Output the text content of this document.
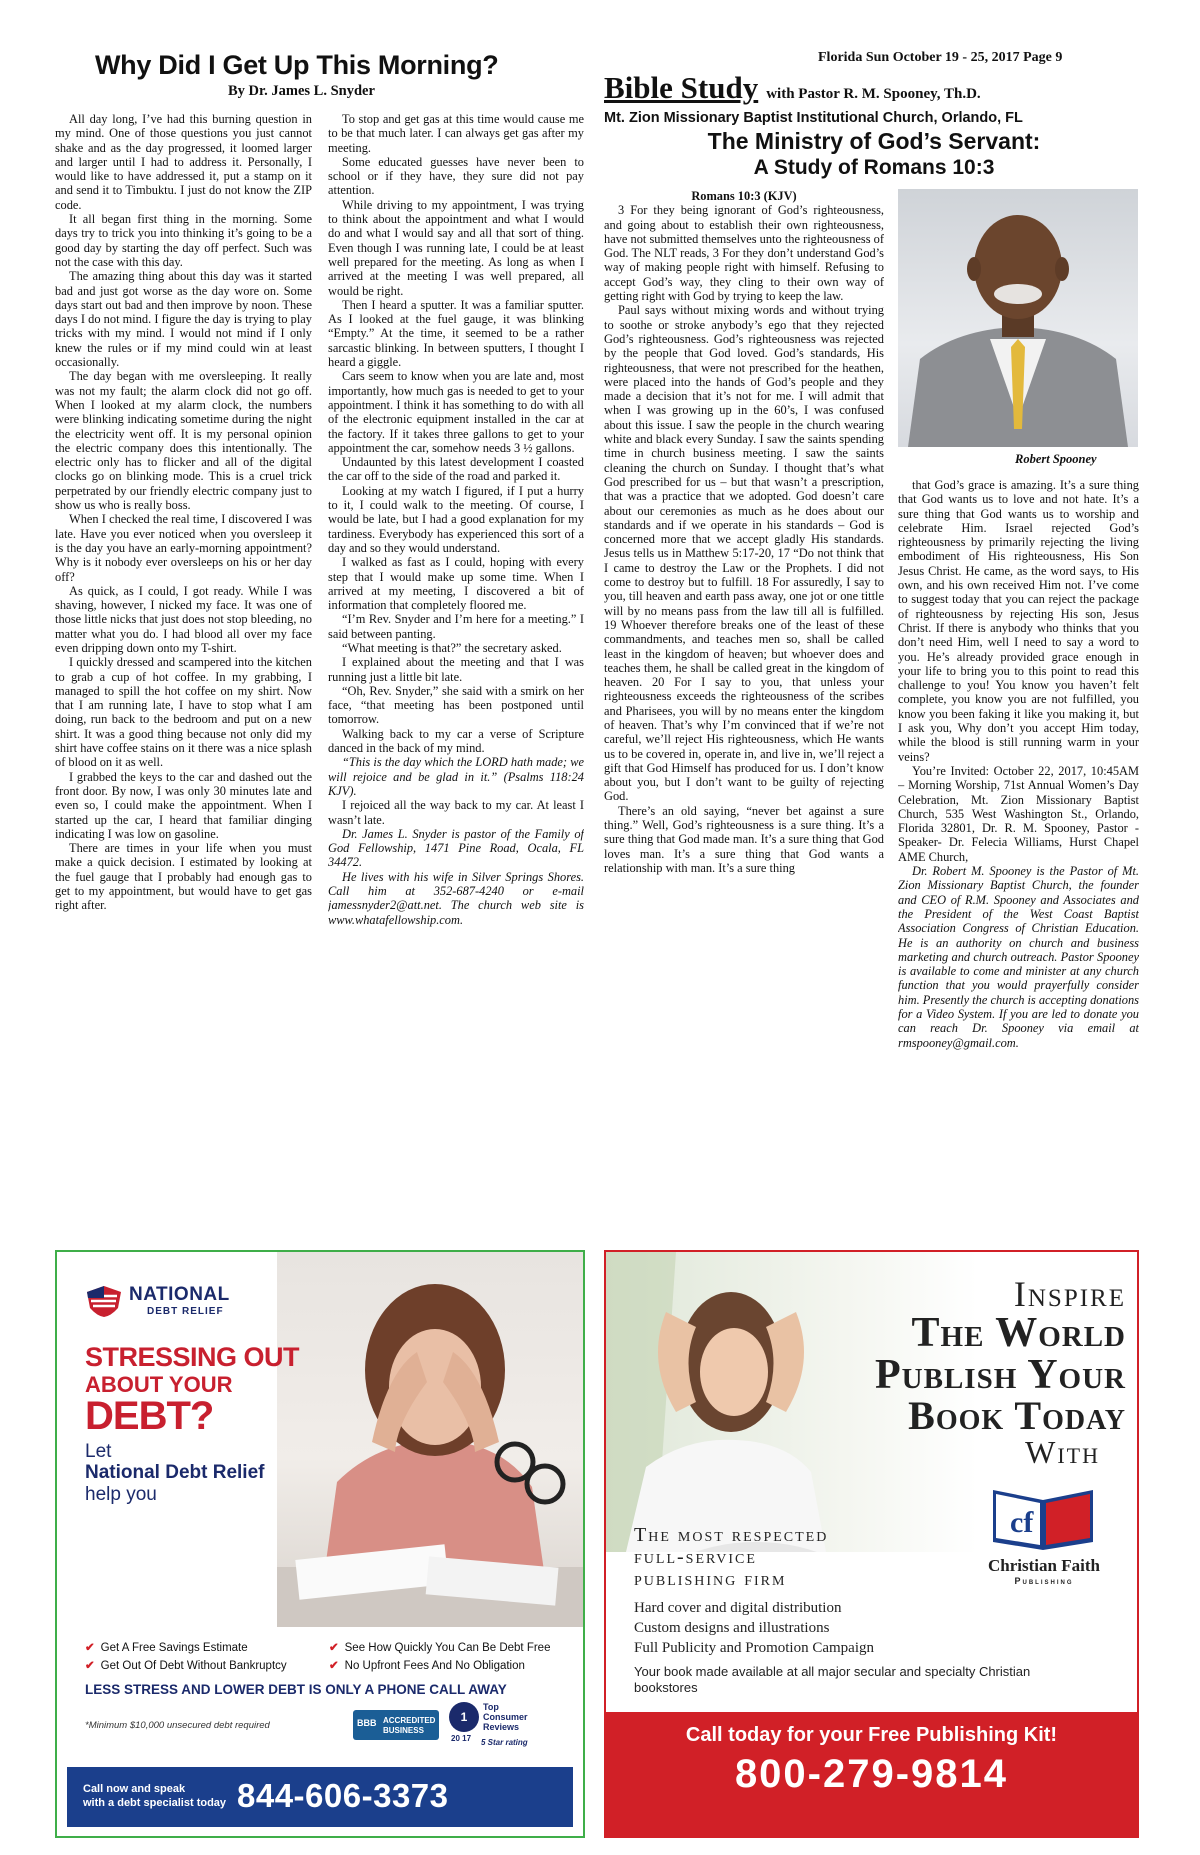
Why Did I Get Up This Morning?
By Dr. James L. Snyder

All day long, I’ve had this burning question in my mind. One of those questions you just cannot shake and as the day progressed, it loomed larger and larger until I had to address it. Personally, I would like to have addressed it, put a stamp on it and send it to Timbuktu. I just do not know the ZIP code.

It all began first thing in the morning. Some days try to trick you into thinking it’s going to be a good day by starting the day off perfect. Such was not the case with this day.

The amazing thing about this day was it started bad and just got worse as the day wore on. Some days start out bad and then improve by noon. These days I do not mind. I figure the day is trying to play tricks with my mind. I would not mind if I only knew the rules or if my mind could win at least occasionally.

The day began with me oversleeping. It really was not my fault; the alarm clock did not go off. When I looked at my alarm clock, the numbers were blinking indicating sometime during the night the electricity went off. It is my personal opinion the electric company does this intentionally. The electric only has to flicker and all of the digital clocks go on blinking mode. This is a cruel trick perpetrated by our friendly electric company just to show us who is really boss.

When I checked the real time, I discovered I was late. Have you ever noticed when you oversleep it is the day you have an early-morning appointment? Why is it nobody ever oversleeps on his or her day off?

As quick, as I could, I got ready. While I was shaving, however, I nicked my face. It was one of those little nicks that just does not stop bleeding, no matter what you do. I had blood all over my face even dripping down onto my T-shirt.

I quickly dressed and scampered into the kitchen to grab a cup of hot coffee. In my grabbing, I managed to spill the hot coffee on my shirt. Now that I am running late, I have to stop what I am doing, run back to the bedroom and put on a new shirt. It was a good thing because not only did my shirt have coffee stains on it there was a nice splash of blood on it as well.

I grabbed the keys to the car and dashed out the front door. By now, I was only 30 minutes late and even so, I could make the appointment. When I started up the car, I heard that familiar dinging indicating I was low on gasoline.

There are times in your life when you must make a quick decision. I estimated by looking at the fuel gauge that I probably had enough gas to get to my appointment, but would have to get gas right after.

To stop and get gas at this time would cause me to be that much later. I can always get gas after my meeting.

Some educated guesses have never been to school or if they have, they sure did not pay attention.

While driving to my appointment, I was trying to think about the appointment and what I would do and what I would say and all that sort of thing. Even though I was running late, I could be at least well prepared for the meeting. As long as when I arrived at the meeting I was well prepared, all would be right.

Then I heard a sputter. It was a familiar sputter. As I looked at the fuel gauge, it was blinking “Empty.” At the time, it seemed to be a rather sarcastic blinking. In between sputters, I thought I heard a giggle.

Cars seem to know when you are late and, most importantly, how much gas is needed to get to your appointment. I think it has something to do with all of the electronic equipment installed in the car at the factory. If it takes three gallons to get to your appointment the car, somehow needs 3 ½ gallons.

Undaunted by this latest development I coasted the car off to the side of the road and parked it.

Looking at my watch I figured, if I put a hurry to it, I could walk to the meeting. Of course, I would be late, but I had a good explanation for my tardiness. Everybody has experienced this sort of a day and so they would understand.

I walked as fast as I could, hoping with every step that I would make up some time. When I arrived at my meeting, I discovered a bit of information that completely floored me.

“I’m Rev. Snyder and I’m here for a meeting.” I said between panting.

“What meeting is that?” the secretary asked.

I explained about the meeting and that I was running just a little bit late.

“Oh, Rev. Snyder,” she said with a smirk on her face, “that meeting has been postponed until tomorrow.

Walking back to my car a verse of Scripture danced in the back of my mind.

“This is the day which the LORD hath made; we will rejoice and be glad in it.” (Psalms 118:24 KJV).

I rejoiced all the way back to my car. At least I wasn’t late.

Dr. James L. Snyder is pastor of the Family of God Fellowship, 1471 Pine Road, Ocala, FL 34472.

He lives with his wife in Silver Springs Shores. Call him at 352-687-4240 or e-mail jamessnyder2@att.net. The church web site is www.whatafellowship.com.

Florida Sun October 19 - 25, 2017 Page 9
Bible Study with Pastor R. M. Spooney, Th.D.
Mt. Zion Missionary Baptist Institutional Church, Orlando, FL
The Ministry of God’s Servant:
A Study of Romans 10:3
Robert Spooney

Romans 10:3 (KJV)

3 For they being ignorant of God’s righteousness, and going about to establish their own righteousness, have not submitted themselves unto the righteousness of God. The NLT reads, 3 For they don’t understand God’s way of making people right with himself. Refusing to accept God’s way, they cling to their own way of getting right with God by trying to keep the law.

Paul says without mixing words and without trying to soothe or stroke anybody’s ego that they rejected God’s righteousness. God’s righteousness was rejected by the people that God loved. God’s standards, His righteousness, that were not prescribed for the heathen, were placed into the hands of God’s people and they made a decision that it’s not for me. I will admit that when I was growing up in the 60’s, I was confused about this issue. I saw the people in the church wearing white and black every Sunday. I saw the saints spending time in church business meeting. I saw the saints cleaning the church on Sunday. I thought that’s what God prescribed for us – but that wasn’t a prescription, that was a practice that we adopted. God doesn’t care about our ceremonies as much as he does about our standards and if we operate in his standards – God is concerned more that we accept gladly His standards. Jesus tells us in Matthew 5:17-20, 17 “Do not think that I came to destroy the Law or the Prophets. I did not come to destroy but to fulfill. 18 For assuredly, I say to you, till heaven and earth pass away, one jot or one tittle will by no means pass from the law till all is fulfilled. 19 Whoever therefore breaks one of the least of these commandments, and teaches men so, shall be called least in the kingdom of heaven; but whoever does and teaches them, he shall be called great in the kingdom of heaven. 20 For I say to you, that unless your righteousness exceeds the righteousness of the scribes and Pharisees, you will by no means enter the kingdom of heaven. That’s why I’m convinced that if we’re not careful, we’ll reject His righteousness, which He wants us to be covered in, operate in, and live in, we’ll reject a gift that God Himself has produced for us. I don’t know about you, but I don’t want to be guilty of rejecting God.

There’s an old saying, “never bet against a sure thing.” Well, God’s righteousness is a sure thing. It’s a sure thing that God made man. It’s a sure thing that God loves man. It’s a sure thing that God wants a relationship with man. It’s a sure thing

that God’s grace is amazing. It’s a sure thing that God wants us to love and not hate. It’s a sure thing that God wants us to worship and celebrate Him. Israel rejected God’s righteousness by primarily rejecting the living embodiment of His righteousness, His Son Jesus Christ. He came, as the word says, to His own, and his own received Him not. I’ve come to suggest today that you can reject the package of righteousness by rejecting His son, Jesus Christ. If there is anybody who thinks that you don’t need Him, well I need to say a word to you. He’s already provided grace enough in your life to bring you to this point to read this challenge to you! You know you haven’t felt complete, you know you are not fulfilled, you know you been faking it like you making it, but I ask you, Why don’t you accept Him today, while the blood is still running warm in your veins?

You’re Invited: October 22, 2017, 10:45AM – Morning Worship, 71st Annual Women’s Day Celebration, Mt. Zion Missionary Baptist Church, 535 West Washington St., Orlando, Florida 32801, Dr. R. M. Spooney, Pastor -Speaker- Dr. Felecia Williams, Hurst Chapel AME Church,

Dr. Robert M. Spooney is the Pastor of Mt. Zion Missionary Baptist Church, the founder and CEO of R.M. Spooney and Associates and the President of the West Coast Baptist Association Congress of Christian Education. He is an authority on church and business marketing and church outreach. Pastor Spooney is available to come and minister at any church function that you would prayerfully consider him. Presently the church is accepting donations for a Video System. If you are led to donate you can reach Dr. Spooney via email at rmspooney@gmail.com.

NATIONAL
DEBT RELIEF
STRESSING OUT
ABOUT YOUR
DEBT?
Let
National Debt Relief
help you
✔ Get A Free Savings Estimate	✔ See How Quickly You Can Be Debt Free
✔ Get Out Of Debt Without Bankruptcy	✔ No Upfront Fees And No Obligation
LESS STRESS AND LOWER DEBT IS ONLY A PHONE CALL AWAY
*Minimum $10,000 unsecured debt required	BBB ACCREDITED
BUSINESS
1
20 17
Top
Consumer
Reviews
5 Star rating
Call now and speak
with a debt specialist today 844-606-3373
Inspire
The World
Publish Your
Book Today
With
cf
Christian Faith
Publishing
The most respected
full-service
publishing firm
Hard cover and digital distribution
Custom designs and illustrations
Full Publicity and Promotion Campaign
Your book made available at all major secular and specialty Christian bookstores
Call today for your Free Publishing Kit!
800-279-9814
